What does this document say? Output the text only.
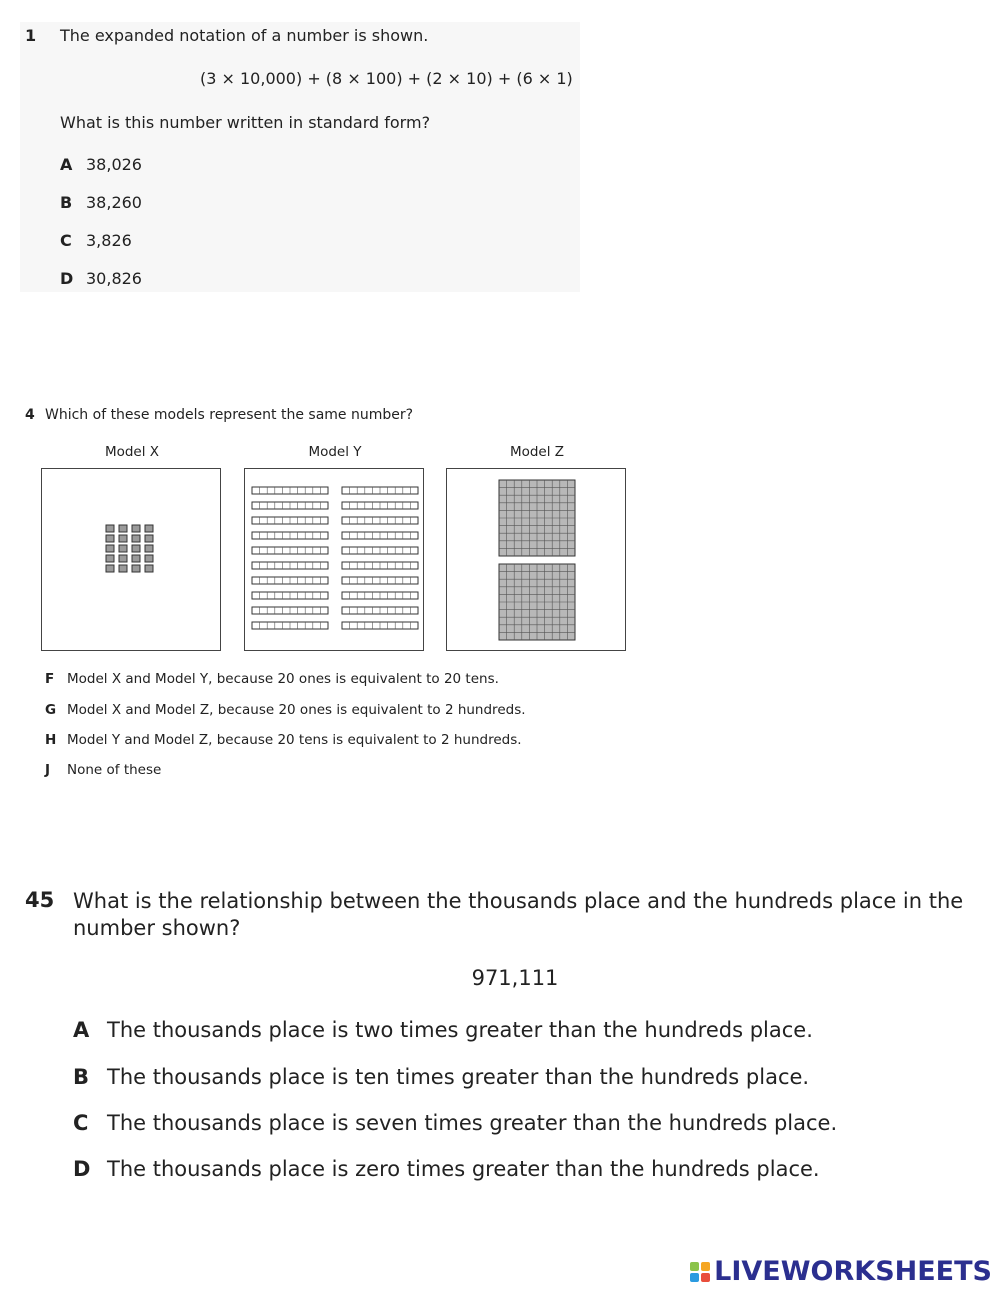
1 The expanded notation of a number is shown.
(3 × 10,000) + (8 × 100) + (2 × 10) + (6 × 1)
What is this number written in standard form?
A 38,026
B 38,260
C 3,826
D 30,826
4 Which of these models represent the same number?
Model X	Model Y	Model Z
F Model X and Model Y, because 20 ones is equivalent to 20 tens.
G Model X and Model Z, because 20 ones is equivalent to 2 hundreds.
H Model Y and Model Z, because 20 tens is equivalent to 2 hundreds.
J None of these
45 What is the relationship between the thousands place and the hundreds place in the number shown?
971,111
A The thousands place is two times greater than the hundreds place.
B The thousands place is ten times greater than the hundreds place.
C The thousands place is seven times greater than the hundreds place.
D The thousands place is zero times greater than the hundreds place.
LIVEWORKSHEETS
